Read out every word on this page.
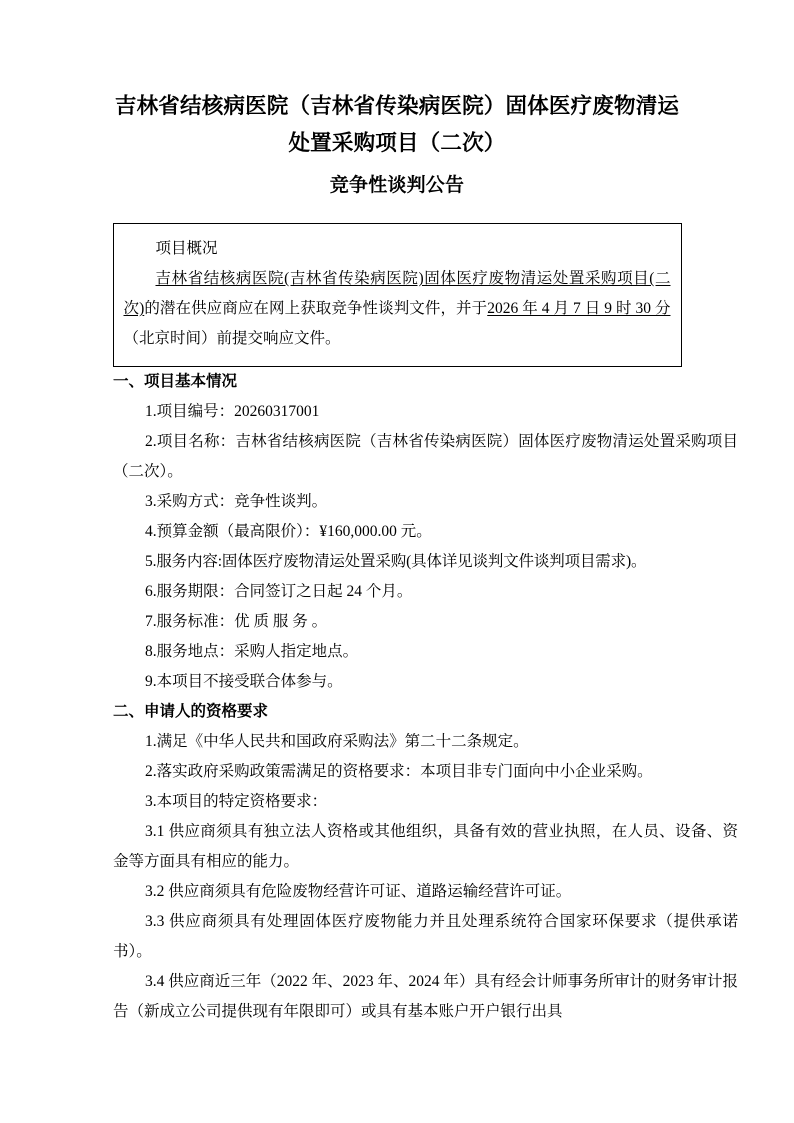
吉林省结核病医院（吉林省传染病医院）固体医疗废物清运
处置采购项目（二次）
竞争性谈判公告

项目概况

吉林省结核病医院(吉林省传染病医院)固体医疗废物清运处置采购项目(二次)的潜在供应商应在网上获取竞争性谈判文件，并于2026 年 4 月 7 日 9 时 30 分（北京时间）前提交响应文件。

一、项目基本情况

1.项目编号：20260317001

2.项目名称：吉林省结核病医院（吉林省传染病医院）固体医疗废物清运处置采购项目（二次）。

3.采购方式：竞争性谈判。

4.预算金额（最高限价）：¥160,000.00 元。

5.服务内容:固体医疗废物清运处置采购(具体详见谈判文件谈判项目需求)。

6.服务期限：合同签订之日起 24 个月。

7.服务标准：优 质 服 务 。

8.服务地点：采购人指定地点。

9.本项目不接受联合体参与。

二、申请人的资格要求

1.满足《中华人民共和国政府采购法》第二十二条规定。

2.落实政府采购政策需满足的资格要求：本项目非专门面向中小企业采购。

3.本项目的特定资格要求：

3.1 供应商须具有独立法人资格或其他组织，具备有效的营业执照，在人员、设备、资金等方面具有相应的能力。

3.2 供应商须具有危险废物经营许可证、道路运输经营许可证。

3.3 供应商须具有处理固体医疗废物能力并且处理系统符合国家环保要求（提供承诺书）。

3.4 供应商近三年（2022 年、2023 年、2024 年）具有经会计师事务所审计的财务审计报告（新成立公司提供现有年限即可）或具有基本账户开户银行出具
